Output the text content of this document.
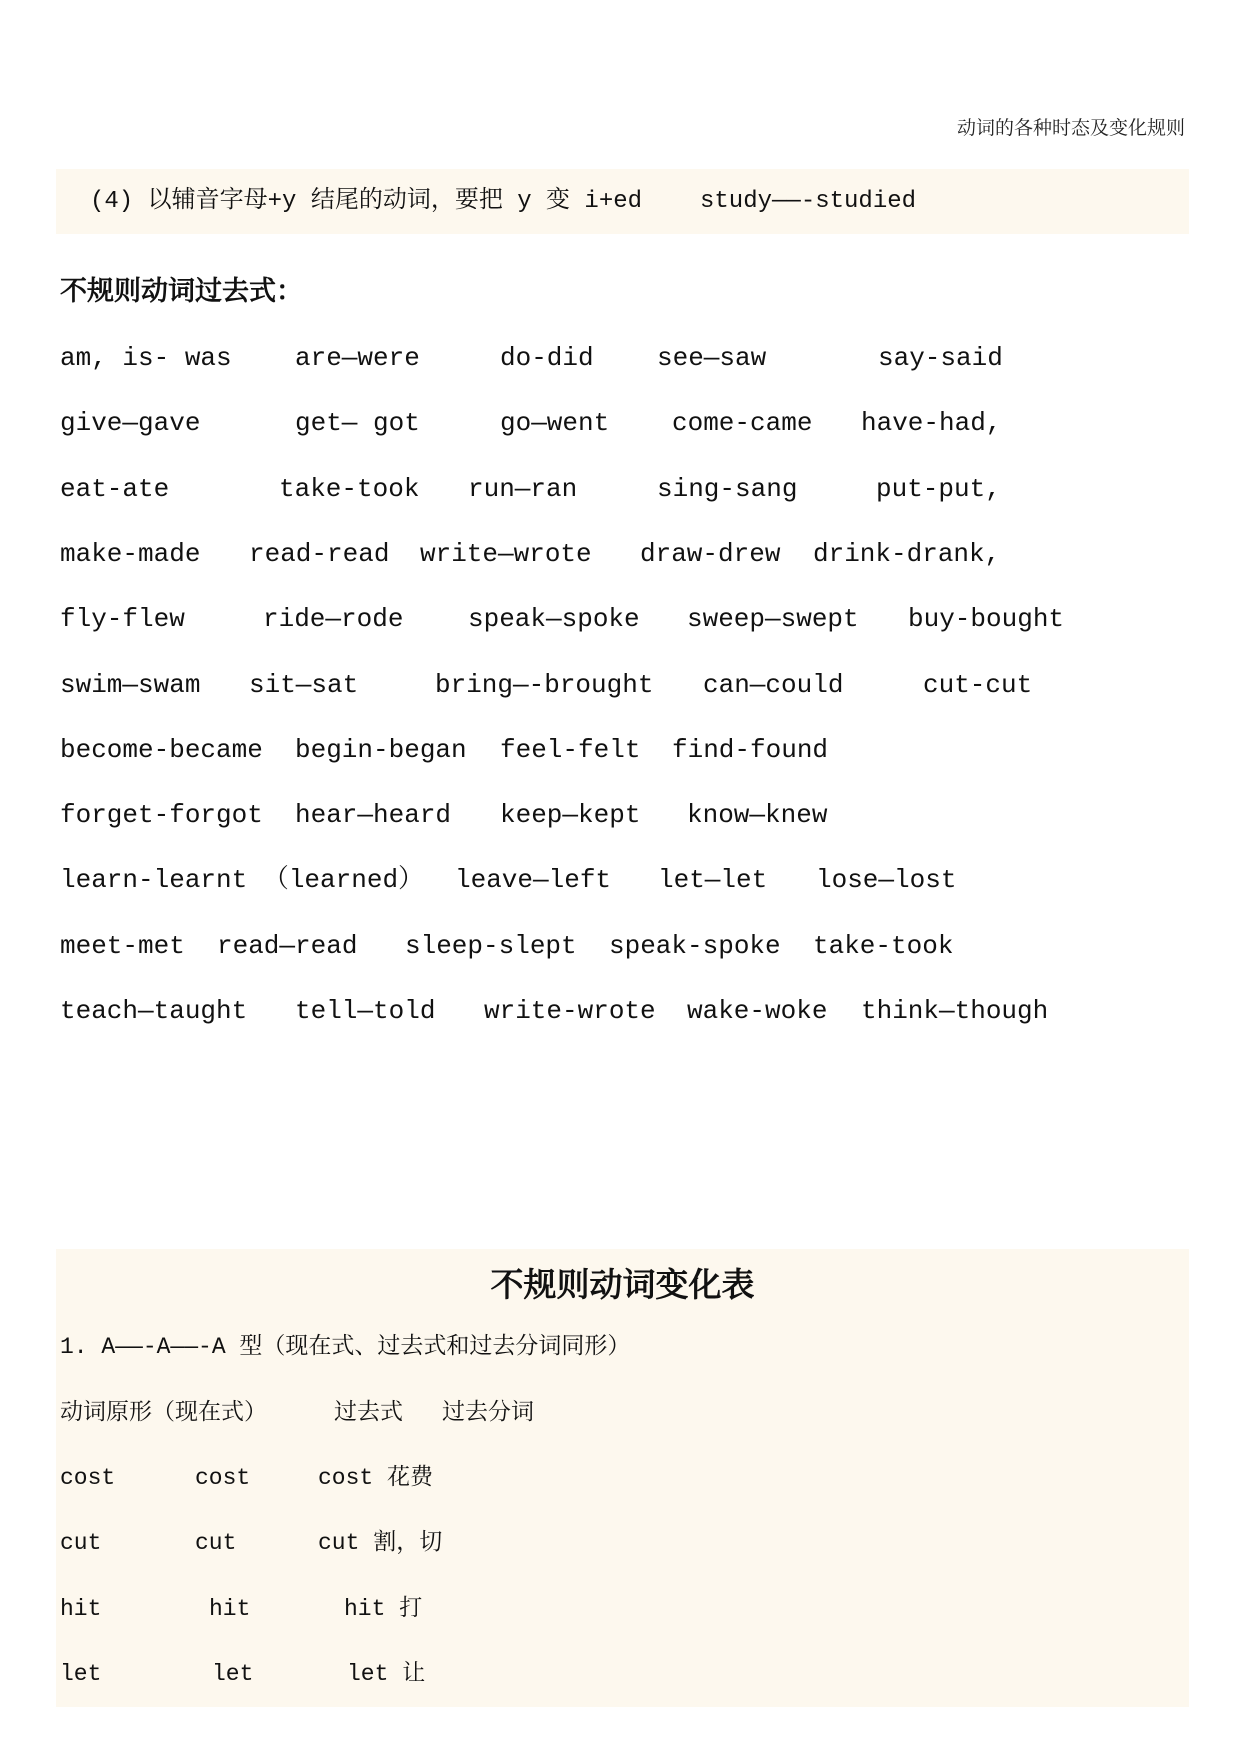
动词的各种时态及变化规则
(4) 以辅音字母+y 结尾的动词，要把 y 变 i+ed study——-studied
不规则动词过去式：
am, is- was are—were	do-did see—saw	say-said
give—gave	get— got	go—went come-came have-had,
eat-ate	take-took run—ran	sing-sang	put-put,
make-made read-read write—wrote draw-drew drink-drank,
fly-flew	ride—rode speak—spoke sweep—swept buy-bought
swim—swam sit—sat	bring—-brought can—could	cut-cut
become-became begin-began feel-felt find-found
forget-forgot hear—heard keep—kept know—knew
learn-learnt （learned） leave—left let—let lose—lost
meet-met read—read sleep-slept speak-spoke take-took
teach—taught tell—told write-wrote wake-woke think—though
不规则动词变化表
1. A——-A——-A 型（现在式、过去式和过去分词同形）
动词原形（现在式）	过去式 过去分词
cost	cost	cost 花费
cut	cut	cut 割，切
hit	hit	hit 打
let	let	let 让
